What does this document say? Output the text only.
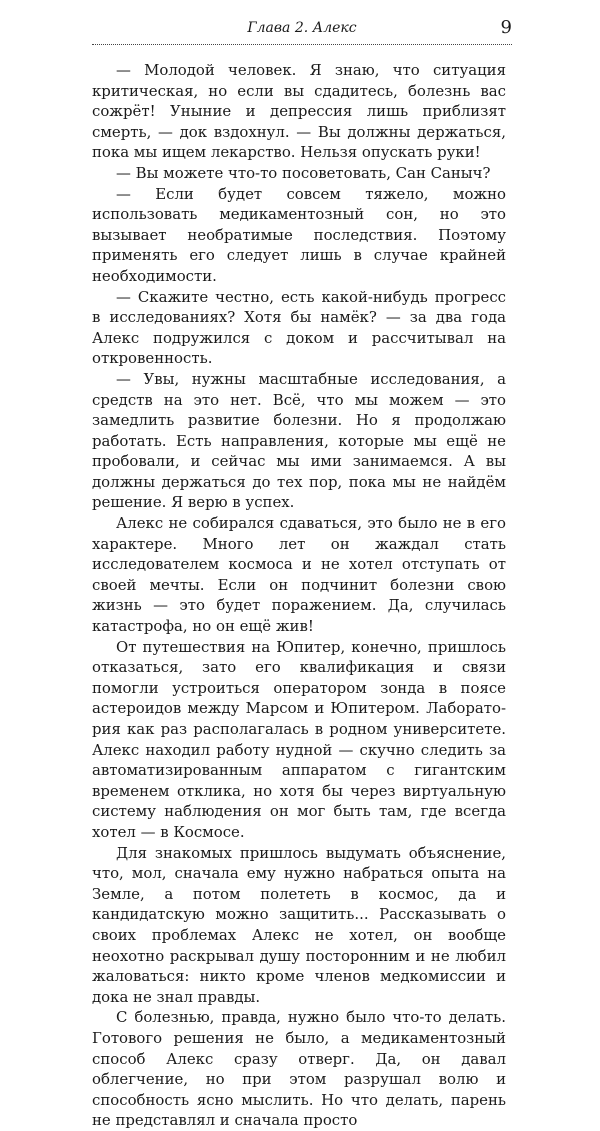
Глава 2. Алекс	9

— Молодой человек. Я знаю, что ситуация критическая, но если вы сдадитесь, болезнь вас сожрёт! Уныние и депрессия лишь приблизят смерть, — док вздохнул. — Вы должны держаться, пока мы ищем лекарство. Нельзя опускать руки!

— Вы можете что-то посоветовать, Сан Саныч?

— Если будет совсем тяжело, можно использовать медикаментозный сон, но это вызывает необратимые последствия. Поэтому применять его следует лишь в случае крайней необходимости.

— Скажите честно, есть какой-нибудь прогресс в исследованиях? Хотя бы намёк? — за два года Алекс подружился с доком и рассчитывал на откровенность.

— Увы, нужны масштабные исследования, а средств на это нет. Всё, что мы можем — это замедлить развитие болезни. Но я продолжаю работать. Есть направления, которые мы ещё не пробовали, и сейчас мы ими занимаемся. А вы должны держаться до тех пор, пока мы не найдём решение. Я верю в успех.

Алекс не собирался сдаваться, это было не в его характере. Много лет он жаждал стать исследователем космоса и не хотел отступать от своей мечты. Если он подчинит болезни свою жизнь — это будет поражением. Да, случилась катастрофа, но он ещё жив!

От путешествия на Юпитер, конечно, пришлось отказаться, зато его квалификация и связи помогли устроиться оператором зонда в поясе астероидов между Марсом и Юпитером. Лаборатория как раз располагалась в родном университете. Алекс находил работу нудной — скучно следить за автоматизированным аппаратом с гигантским временем отклика, но хотя бы через виртуальную систему наблюдения он мог быть там, где всегда хотел — в Космосе.

Для знакомых пришлось выдумать объяснение, что, мол, сначала ему нужно набраться опыта на Земле, а потом полететь в космос, да и кандидатскую можно защитить... Рассказывать о своих проблемах Алекс не хотел, он вообще неохотно раскрывал душу посторонним и не любил жаловаться: никто кроме членов медкомиссии и дока не знал правды.

С болезнью, правда, нужно было что-то делать. Готового решения не было, а медикаментозный способ Алекс сразу отверг. Да, он давал облегчение, но при этом разрушал волю и способность ясно мыслить. Но что делать, парень не представлял и сначала просто
